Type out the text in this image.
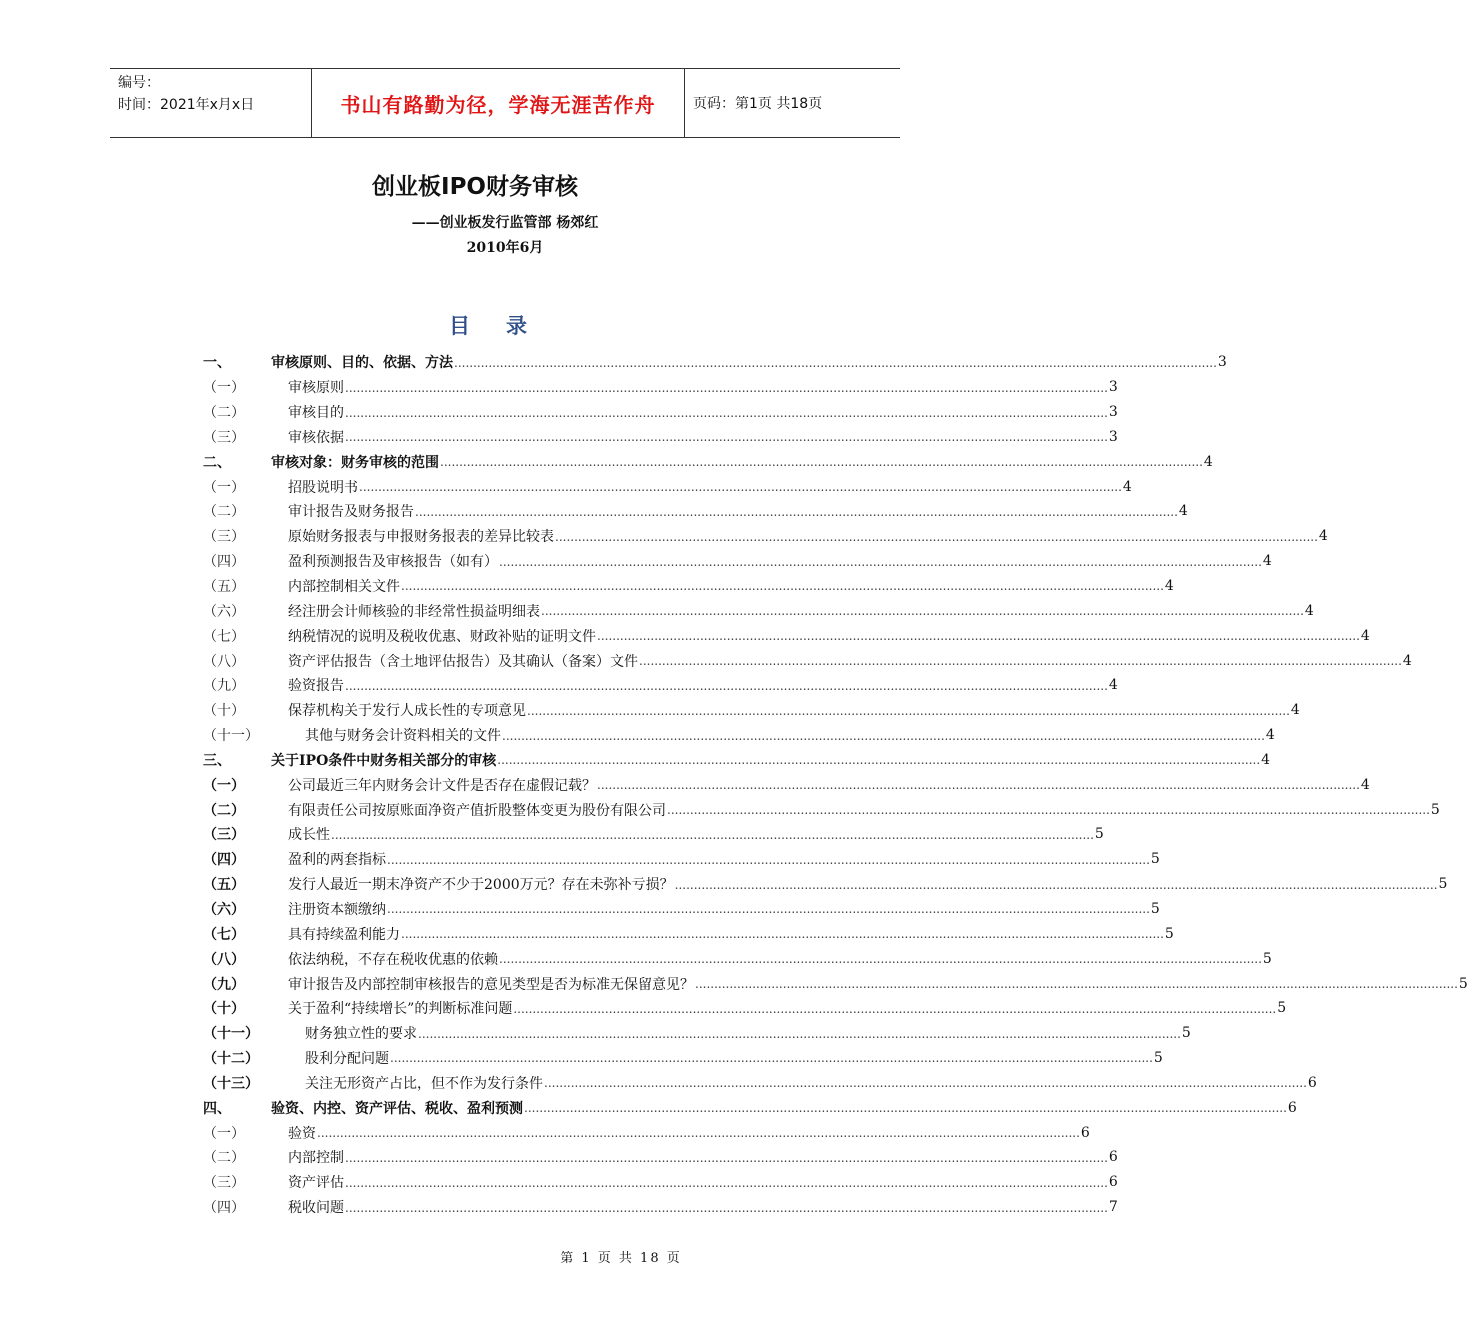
编号：
时间：2021年x月x日	书山有路勤为径，学海无涯苦作舟	页码：第1页 共18页
创业板IPO财务审核
——创业板发行监管部 杨郊红
2010年6月
目录
一、	审核原则、目的、依据、方法 ........................................................................................................................................................................................................ 3
（一）	审核原则 ........................................................................................................................................................................................................ 3
（二）	审核目的 ........................................................................................................................................................................................................ 3
（三）	审核依据 ........................................................................................................................................................................................................ 3
二、	审核对象：财务审核的范围 ........................................................................................................................................................................................................ 4
（一）	招股说明书 ........................................................................................................................................................................................................ 4
（二）	审计报告及财务报告 ........................................................................................................................................................................................................ 4
（三）	原始财务报表与申报财务报表的差异比较表 ........................................................................................................................................................................................................ 4
（四）	盈利预测报告及审核报告（如有） ........................................................................................................................................................................................................ 4
（五）	内部控制相关文件 ........................................................................................................................................................................................................ 4
（六）	经注册会计师核验的非经常性损益明细表 ........................................................................................................................................................................................................ 4
（七）	纳税情况的说明及税收优惠、财政补贴的证明文件 ........................................................................................................................................................................................................ 4
（八）	资产评估报告（含土地评估报告）及其确认（备案）文件 ........................................................................................................................................................................................................ 4
（九）	验资报告 ........................................................................................................................................................................................................ 4
（十）	保荐机构关于发行人成长性的专项意见 ........................................................................................................................................................................................................ 4
（十一）	其他与财务会计资料相关的文件 ........................................................................................................................................................................................................ 4
三、	关于IPO条件中财务相关部分的审核 ........................................................................................................................................................................................................ 4
（一）	公司最近三年内财务会计文件是否存在虚假记载？ ........................................................................................................................................................................................................ 4
（二）	有限责任公司按原账面净资产值折股整体变更为股份有限公司 ........................................................................................................................................................................................................ 5
（三）	成长性 ........................................................................................................................................................................................................ 5
（四）	盈利的两套指标 ........................................................................................................................................................................................................ 5
（五）	发行人最近一期末净资产不少于2000万元？存在未弥补亏损？ ........................................................................................................................................................................................................ 5
（六）	注册资本额缴纳 ........................................................................................................................................................................................................ 5
（七）	具有持续盈利能力 ........................................................................................................................................................................................................ 5
（八）	依法纳税，不存在税收优惠的依赖 ........................................................................................................................................................................................................ 5
（九）	审计报告及内部控制审核报告的意见类型是否为标准无保留意见？ ........................................................................................................................................................................................................ 5
（十）	关于盈利“持续增长”的判断标准问题 ........................................................................................................................................................................................................ 5
（十一）	财务独立性的要求 ........................................................................................................................................................................................................ 5
（十二）	股利分配问题 ........................................................................................................................................................................................................ 5
（十三）	关注无形资产占比，但不作为发行条件 ........................................................................................................................................................................................................ 6
四、	验资、内控、资产评估、税收、盈利预测 ........................................................................................................................................................................................................ 6
（一）	验资 ........................................................................................................................................................................................................ 6
（二）	内部控制 ........................................................................................................................................................................................................ 6
（三）	资产评估 ........................................................................................................................................................................................................ 6
（四）	税收问题 ........................................................................................................................................................................................................ 7
第 1 页 共 18 页
